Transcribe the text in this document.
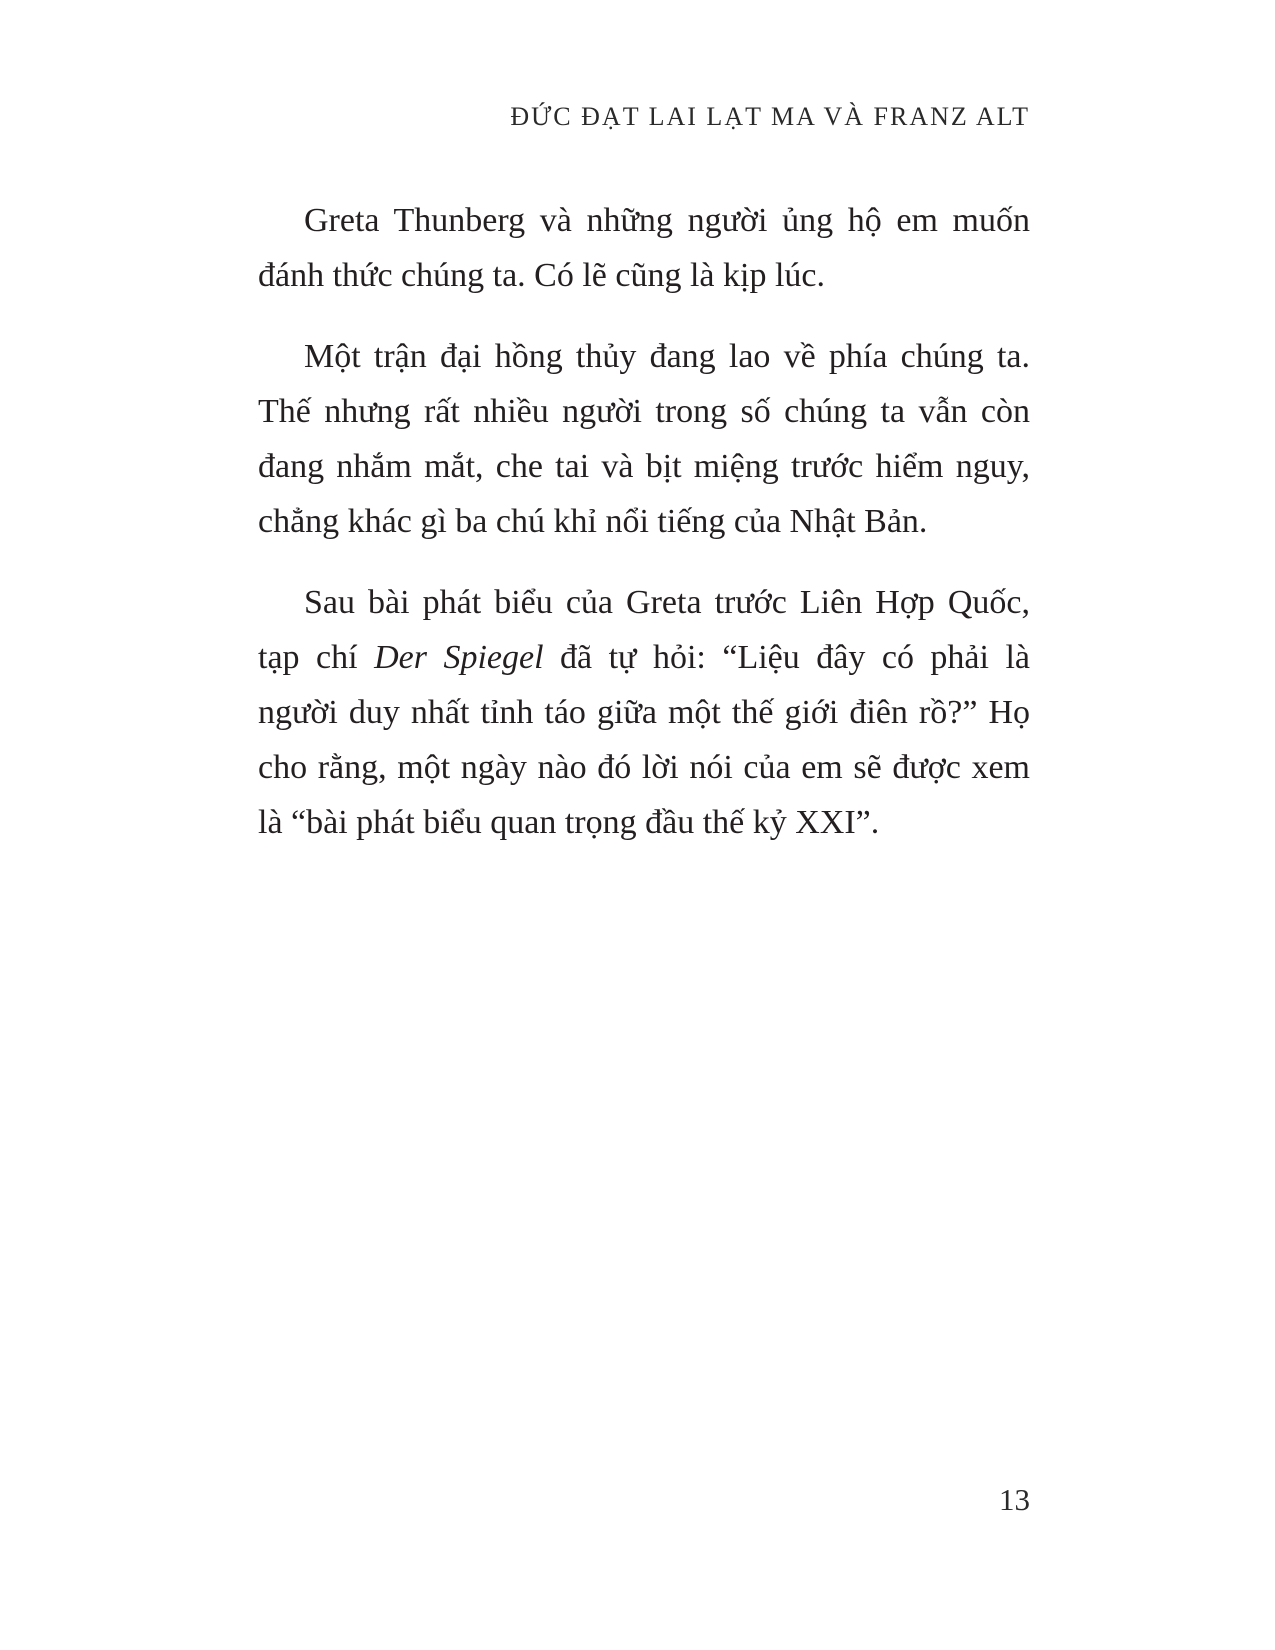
ĐỨC ĐẠT LAI LẠT MA VÀ FRANZ ALT

Greta Thunberg và những người ủng hộ em muốn đánh thức chúng ta. Có lẽ cũng là kịp lúc.

Một trận đại hồng thủy đang lao về phía chúng ta. Thế nhưng rất nhiều người trong số chúng ta vẫn còn đang nhắm mắt, che tai và bịt miệng trước hiểm nguy, chẳng khác gì ba chú khỉ nổi tiếng của Nhật Bản.

Sau bài phát biểu của Greta trước Liên Hợp Quốc, tạp chí Der Spiegel đã tự hỏi: “Liệu đây có phải là người duy nhất tỉnh táo giữa một thế giới điên rồ?” Họ cho rằng, một ngày nào đó lời nói của em sẽ được xem là “bài phát biểu quan trọng đầu thế kỷ XXI”.

13
